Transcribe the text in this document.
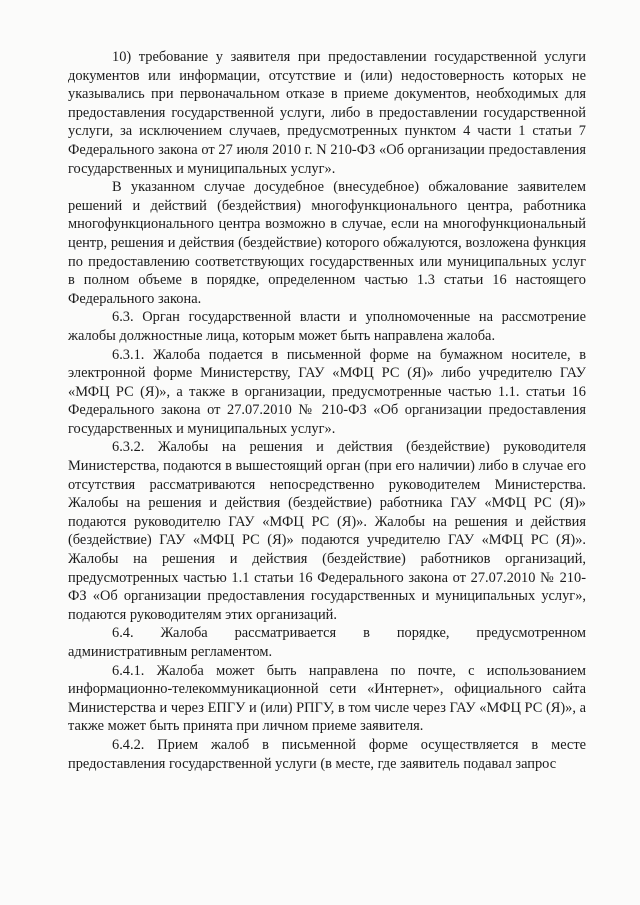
10) требование у заявителя при предоставлении государственной услуги документов или информации, отсутствие и (или) недостоверность которых не указывались при первоначальном отказе в приеме документов, необходимых для предоставления государственной услуги, либо в предоставлении государственной услуги, за исключением случаев, предусмотренных пунктом 4 части 1 статьи 7 Федерального закона от 27 июля 2010 г. N 210-ФЗ «Об организации предоставления государственных и муниципальных услуг».

В указанном случае досудебное (внесудебное) обжалование заявителем решений и действий (бездействия) многофункционального центра, работника многофункционального центра возможно в случае, если на многофункциональный центр, решения и действия (бездействие) которого обжалуются, возложена функция по предоставлению соответствующих государственных или муниципальных услуг в полном объеме в порядке, определенном частью 1.3 статьи 16 настоящего Федерального закона.

6.3. Орган государственной власти и уполномоченные на рассмотрение жалобы должностные лица, которым может быть направлена жалоба.

6.3.1. Жалоба подается в письменной форме на бумажном носителе, в электронной форме Министерству, ГАУ «МФЦ РС (Я)» либо учредителю ГАУ «МФЦ РС (Я)», а также в организации, предусмотренные частью 1.1. статьи 16 Федерального закона от 27.07.2010 № 210-ФЗ «Об организации предоставления государственных и муниципальных услуг».

6.3.2. Жалобы на решения и действия (бездействие) руководителя Министерства, подаются в вышестоящий орган (при его наличии) либо в случае его отсутствия рассматриваются непосредственно руководителем Министерства. Жалобы на решения и действия (бездействие) работника ГАУ «МФЦ РС (Я)» подаются руководителю ГАУ «МФЦ РС (Я)». Жалобы на решения и действия (бездействие) ГАУ «МФЦ РС (Я)» подаются учредителю ГАУ «МФЦ РС (Я)». Жалобы на решения и действия (бездействие) работников организаций, предусмотренных частью 1.1 статьи 16 Федерального закона от 27.07.2010 № 210-ФЗ «Об организации предоставления государственных и муниципальных услуг», подаются руководителям этих организаций.

6.4. Жалоба рассматривается в порядке, предусмотренном административным регламентом.

6.4.1. Жалоба может быть направлена по почте, с использованием информационно-телекоммуникационной сети «Интернет», официального сайта Министерства и через ЕПГУ и (или) РПГУ, в том числе через ГАУ «МФЦ РС (Я)», а также может быть принята при личном приеме заявителя.

6.4.2. Прием жалоб в письменной форме осуществляется в месте предоставления государственной услуги (в месте, где заявитель подавал запрос
